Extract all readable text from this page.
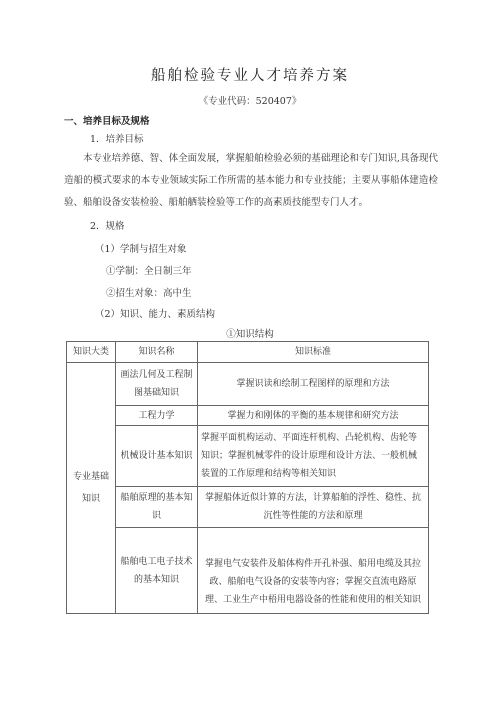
船舶检验专业人才培养方案
《专业代码：520407》
一、培养目标及规格
1．培养目标
本专业培养德、智、体全面发展，掌握船舶检验必须的基础理论和专门知识,具备现代造船的模式要求的本专业领域实际工作所需的基本能力和专业技能；主要从事船体建造检验、船舶设备安装检验、船舶舾装检验等工作的高素质技能型专门人才。
2．规格
（1）学制与招生对象
①学制：全日制三年
②招生对象：高中生
（2）知识、能力、素质结构
①知识结构
知识大类	知识名称	知识标准
专业基础知识	画法几何及工程制图基础知识	掌握识读和绘制工程图样的原理和方法
	工程力学	掌握力和刚体的平衡的基本规律和研究方法
	机械设计基本知识	掌握平面机构运动、平面连杆机构、凸轮机构、齿轮等知识；掌握机械零件的设计原理和设计方法、一般机械装置的工作原理和结构等相关知识
	船舶原理的基本知识	掌握船体近似计算的方法，计算船舶的浮性、稳性、抗沉性等性能的方法和原理
	船舶电工电子技术的基本知识	掌握电气安装件及船体构件开孔补强、船用电缆及其拉政、船舶电气设备的安装等内容；掌握交直流电路原理、工业生产中梧用电器设备的性能和使用的相关知识
